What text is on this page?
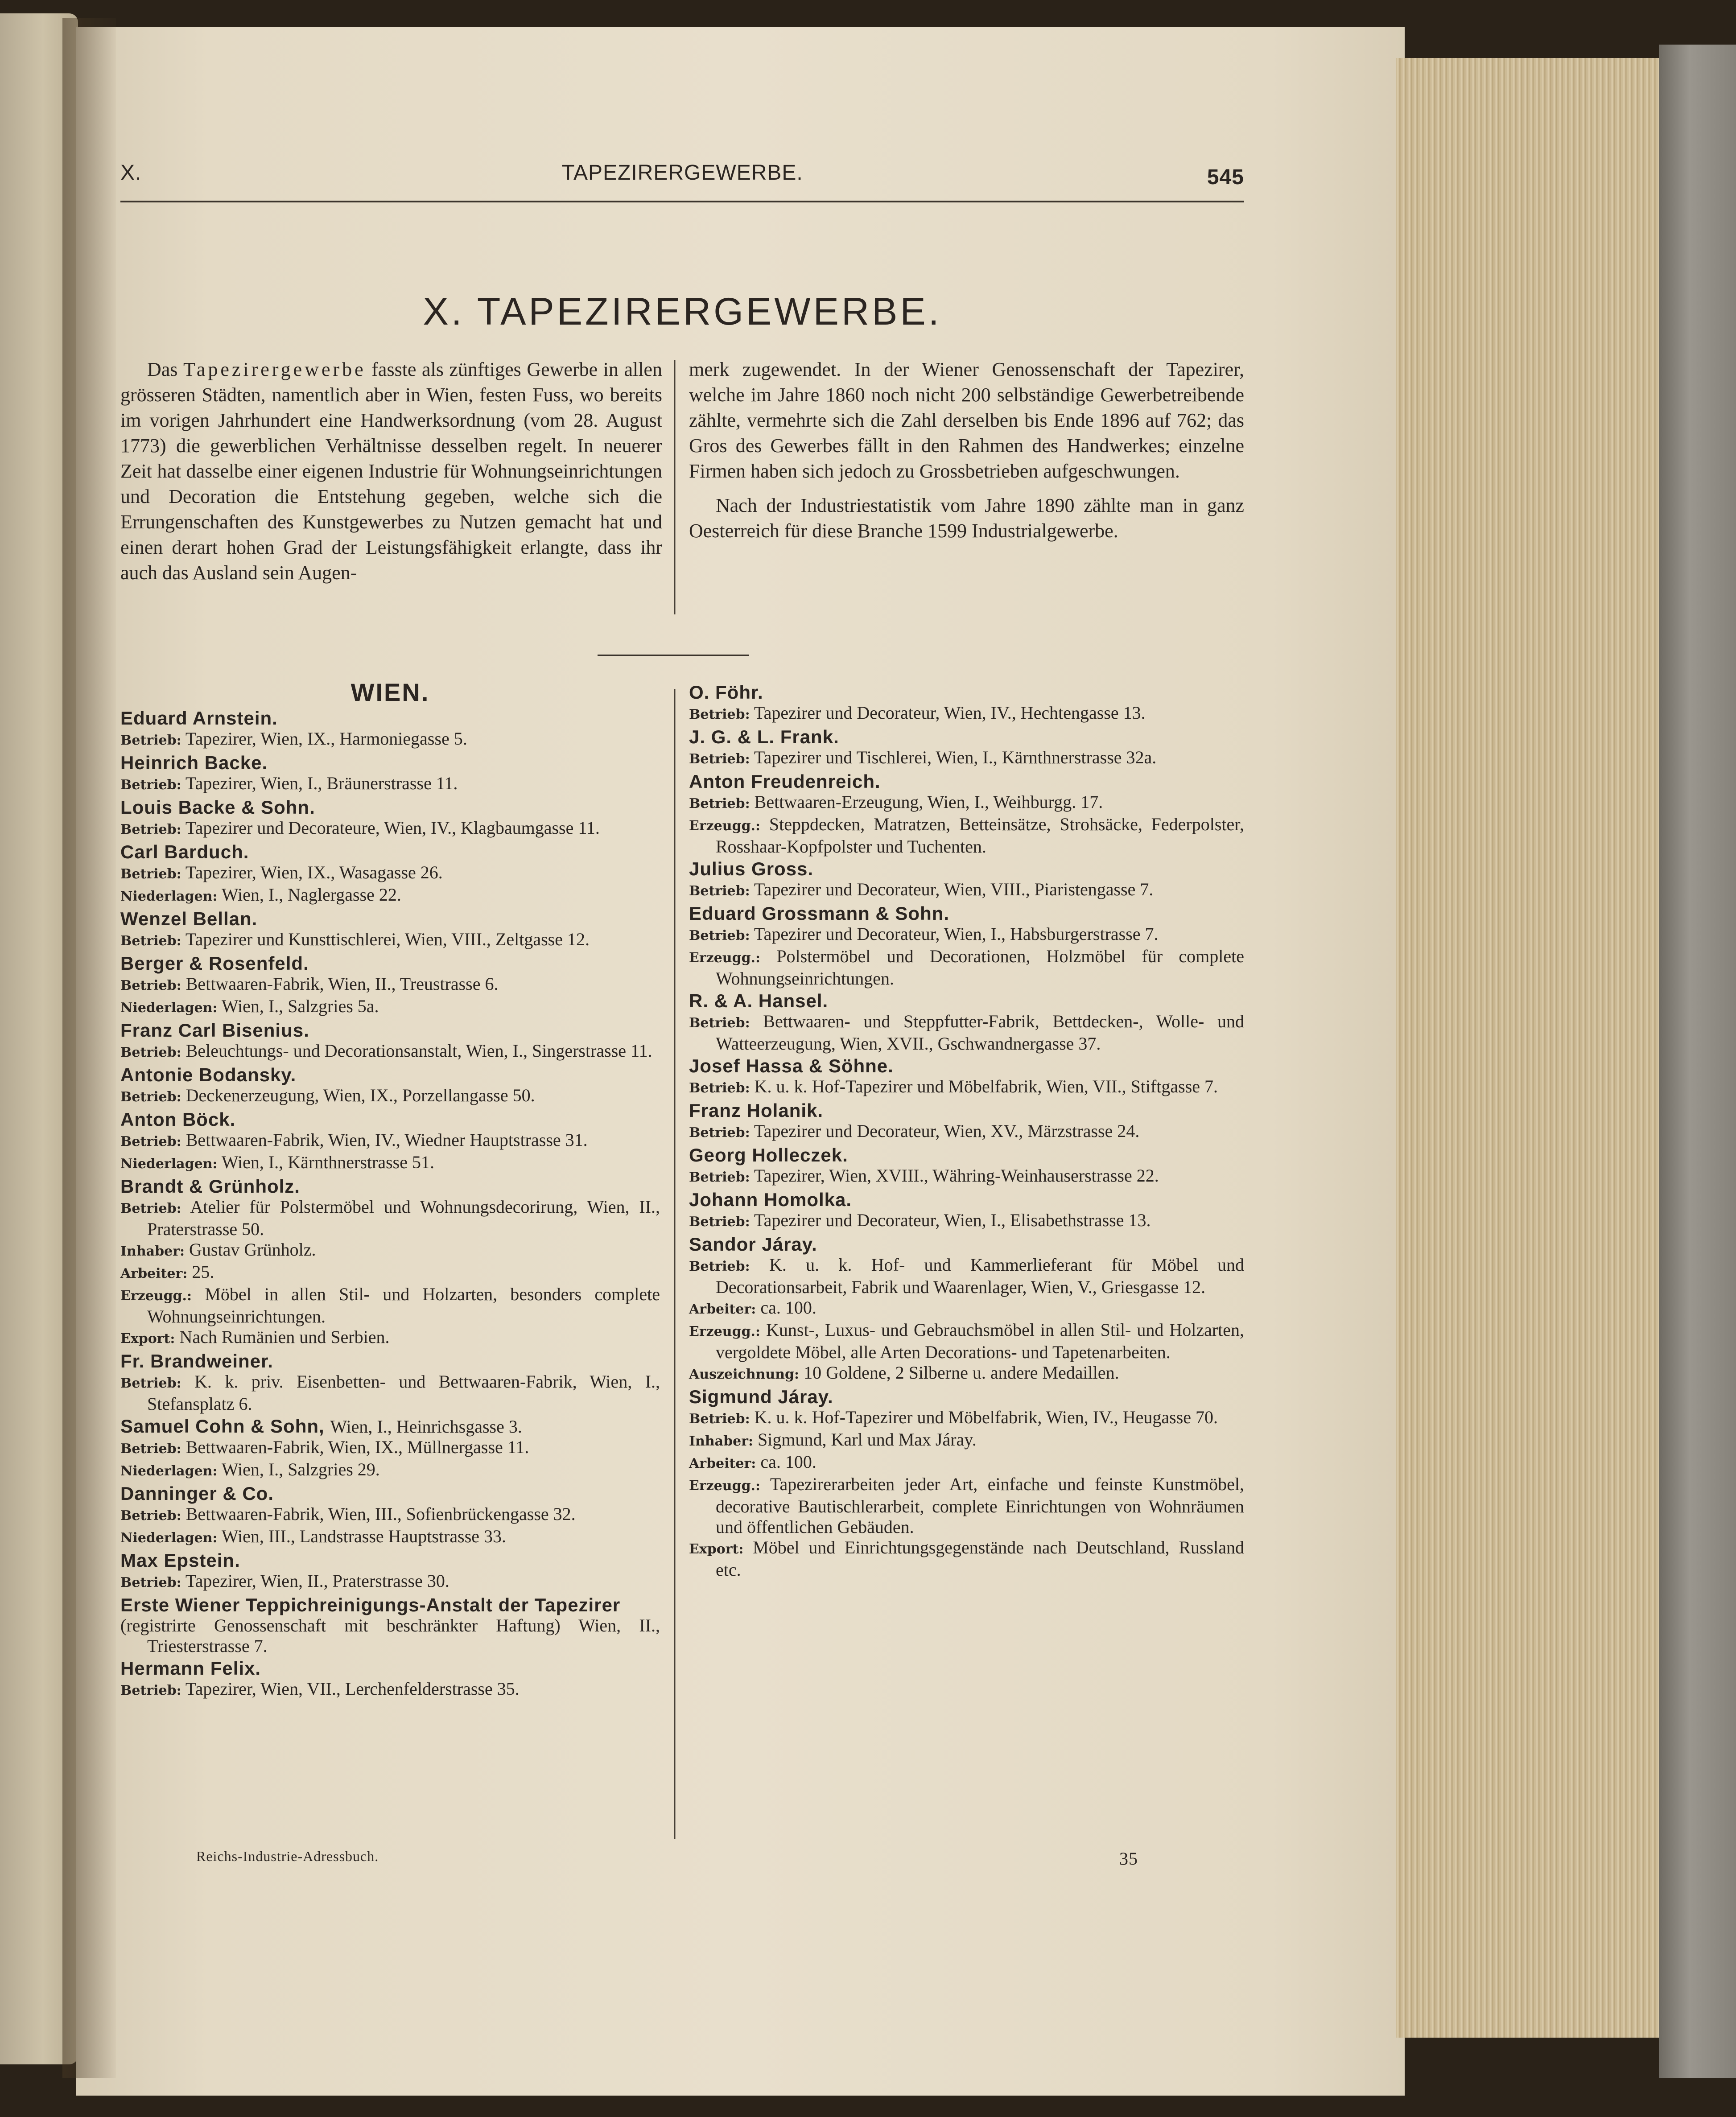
X.	TAPEZIRERGEWERBE.	545
X. TAPEZIRERGEWERBE.

Das Tapezirergewerbe fasste als zünftiges Gewerbe in allen grösseren Städten, namentlich aber in Wien, festen Fuss, wo bereits im vorigen Jahrhundert eine Handwerksordnung (vom 28. August 1773) die gewerblichen Verhältnisse desselben regelt. In neuerer Zeit hat dasselbe einer eigenen Industrie für Wohnungseinrichtungen und Decoration die Entstehung gegeben, welche sich die Errungenschaften des Kunstgewerbes zu Nutzen gemacht hat und einen derart hohen Grad der Leistungsfähigkeit erlangte, dass ihr auch das Ausland sein Augen-

merk zugewendet. In der Wiener Genossenschaft der Tapezirer, welche im Jahre 1860 noch nicht 200 selbständige Gewerbetreibende zählte, vermehrte sich die Zahl derselben bis Ende 1896 auf 762; das Gros des Gewerbes fällt in den Rahmen des Handwerkes; einzelne Firmen haben sich jedoch zu Grossbetrieben aufgeschwungen.

Nach der Industriestatistik vom Jahre 1890 zählte man in ganz Oesterreich für diese Branche 1599 Industrialgewerbe.

WIEN.
Eduard Arnstein.
Betrieb: Tapezirer, Wien, IX., Harmoniegasse 5.
Heinrich Backe.
Betrieb: Tapezirer, Wien, I., Bräunerstrasse 11.
Louis Backe & Sohn.
Betrieb: Tapezirer und Decorateure, Wien, IV., Klagbaumgasse 11.
Carl Barduch.
Betrieb: Tapezirer, Wien, IX., Wasagasse 26.
Niederlagen: Wien, I., Naglergasse 22.
Wenzel Bellan.
Betrieb: Tapezirer und Kunsttischlerei, Wien, VIII., Zeltgasse 12.
Berger & Rosenfeld.
Betrieb: Bettwaaren-Fabrik, Wien, II., Treustrasse 6.
Niederlagen: Wien, I., Salzgries 5a.
Franz Carl Bisenius.
Betrieb: Beleuchtungs- und Decorationsanstalt, Wien, I., Singerstrasse 11.
Antonie Bodansky.
Betrieb: Deckenerzeugung, Wien, IX., Porzellangasse 50.
Anton Böck.
Betrieb: Bettwaaren-Fabrik, Wien, IV., Wiedner Hauptstrasse 31.
Niederlagen: Wien, I., Kärnthnerstrasse 51.
Brandt & Grünholz.
Betrieb: Atelier für Polstermöbel und Wohnungsdecorirung, Wien, II., Praterstrasse 50.
Inhaber: Gustav Grünholz.
Arbeiter: 25.
Erzeugg.: Möbel in allen Stil- und Holzarten, besonders complete Wohnungseinrichtungen.
Export: Nach Rumänien und Serbien.
Fr. Brandweiner.
Betrieb: K. k. priv. Eisenbetten- und Bettwaaren-Fabrik, Wien, I., Stefansplatz 6.
Samuel Cohn & Sohn, Wien, I., Heinrichsgasse 3.
Betrieb: Bettwaaren-Fabrik, Wien, IX., Müllnergasse 11.
Niederlagen: Wien, I., Salzgries 29.
Danninger & Co.
Betrieb: Bettwaaren-Fabrik, Wien, III., Sofienbrückengasse 32.
Niederlagen: Wien, III., Landstrasse Hauptstrasse 33.
Max Epstein.
Betrieb: Tapezirer, Wien, II., Praterstrasse 30.
Erste Wiener Teppichreinigungs-Anstalt der Tapezirer
(registrirte Genossenschaft mit beschränkter Haftung) Wien, II., Triesterstrasse 7.
Hermann Felix.
Betrieb: Tapezirer, Wien, VII., Lerchenfelderstrasse 35.
O. Föhr.
Betrieb: Tapezirer und Decorateur, Wien, IV., Hechtengasse 13.
J. G. & L. Frank.
Betrieb: Tapezirer und Tischlerei, Wien, I., Kärnthnerstrasse 32a.
Anton Freudenreich.
Betrieb: Bettwaaren-Erzeugung, Wien, I., Weihburgg. 17.
Erzeugg.: Steppdecken, Matratzen, Betteinsätze, Strohsäcke, Federpolster, Rosshaar-Kopfpolster und Tuchenten.
Julius Gross.
Betrieb: Tapezirer und Decorateur, Wien, VIII., Piaristengasse 7.
Eduard Grossmann & Sohn.
Betrieb: Tapezirer und Decorateur, Wien, I., Habsburgerstrasse 7.
Erzeugg.: Polstermöbel und Decorationen, Holzmöbel für complete Wohnungseinrichtungen.
R. & A. Hansel.
Betrieb: Bettwaaren- und Steppfutter-Fabrik, Bettdecken-, Wolle- und Watteerzeugung, Wien, XVII., Gschwandnergasse 37.
Josef Hassa & Söhne.
Betrieb: K. u. k. Hof-Tapezirer und Möbelfabrik, Wien, VII., Stiftgasse 7.
Franz Holanik.
Betrieb: Tapezirer und Decorateur, Wien, XV., Märzstrasse 24.
Georg Holleczek.
Betrieb: Tapezirer, Wien, XVIII., Währing-Weinhauserstrasse 22.
Johann Homolka.
Betrieb: Tapezirer und Decorateur, Wien, I., Elisabethstrasse 13.
Sandor Járay.
Betrieb: K. u. k. Hof- und Kammerlieferant für Möbel und Decorationsarbeit, Fabrik und Waarenlager, Wien, V., Griesgasse 12.
Arbeiter: ca. 100.
Erzeugg.: Kunst-, Luxus- und Gebrauchsmöbel in allen Stil- und Holzarten, vergoldete Möbel, alle Arten Decorations- und Tapetenarbeiten.
Auszeichnung: 10 Goldene, 2 Silberne u. andere Medaillen.
Sigmund Járay.
Betrieb: K. u. k. Hof-Tapezirer und Möbelfabrik, Wien, IV., Heugasse 70.
Inhaber: Sigmund, Karl und Max Járay.
Arbeiter: ca. 100.
Erzeugg.: Tapezirerarbeiten jeder Art, einfache und feinste Kunstmöbel, decorative Bautischlerarbeit, complete Einrichtungen von Wohnräumen und öffentlichen Gebäuden.
Export: Möbel und Einrichtungsgegenstände nach Deutschland, Russland etc.
Reichs-Industrie-Adressbuch.	35
